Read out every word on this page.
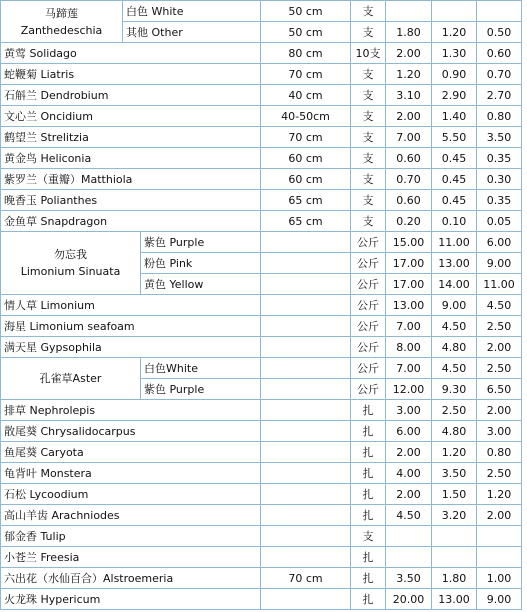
马蹄莲
Zanthedeschia	白色 White		50 cm	支			
	其他 Other		50 cm	支	1.80	1.20	0.50
黄莺 Solidago			80 cm	10支	2.00	1.30	0.60
蛇鞭菊 Liatris			70 cm	支	1.20	0.90	0.70
石斛兰 Dendrobium			40 cm	支	3.10	2.90	2.70
文心兰 Oncidium			40-50cm	支	2.00	1.40	0.80
鹤望兰 Strelitzia			70 cm	支	7.00	5.50	3.50
黄金鸟 Heliconia			60 cm	支	0.60	0.45	0.35
紫罗兰（重瓣）Matthiola			60 cm	支	0.70	0.45	0.30
晚香玉 Polianthes			65 cm	支	0.60	0.45	0.35
金鱼草 Snapdragon			65 cm	支	0.20	0.10	0.05
勿忘我
Limonium Sinuata		紫色 Purple		公斤	15.00	11.00	6.00
		粉色 Pink		公斤	17.00	13.00	9.00
		黄色 Yellow		公斤	17.00	14.00	11.00
情人草 Limonium				公斤	13.00	9.00	4.50
海星 Limonium seafoam				公斤	7.00	4.50	2.50
满天星 Gypsophila				公斤	8.00	4.80	2.00
孔雀草Aster		白色White		公斤	7.00	4.50	2.50
		紫色 Purple		公斤	12.00	9.30	6.50
排草 Nephrolepis				扎	3.00	2.50	2.00
散尾葵 Chrysalidocarpus				扎	6.00	4.80	3.00
鱼尾葵 Caryota				扎	2.00	1.20	0.80
龟背叶 Monstera				扎	4.00	3.50	2.50
石松 Lycoodium				扎	2.00	1.50	1.20
高山羊齿 Arachniodes				扎	4.50	3.20	2.00
郁金香 Tulip				支			
小苍兰 Freesia				扎			
六出花（水仙百合）Alstroemeria			70 cm	扎	3.50	1.80	1.00
火龙珠 Hypericum				扎	20.00	13.00	9.00
